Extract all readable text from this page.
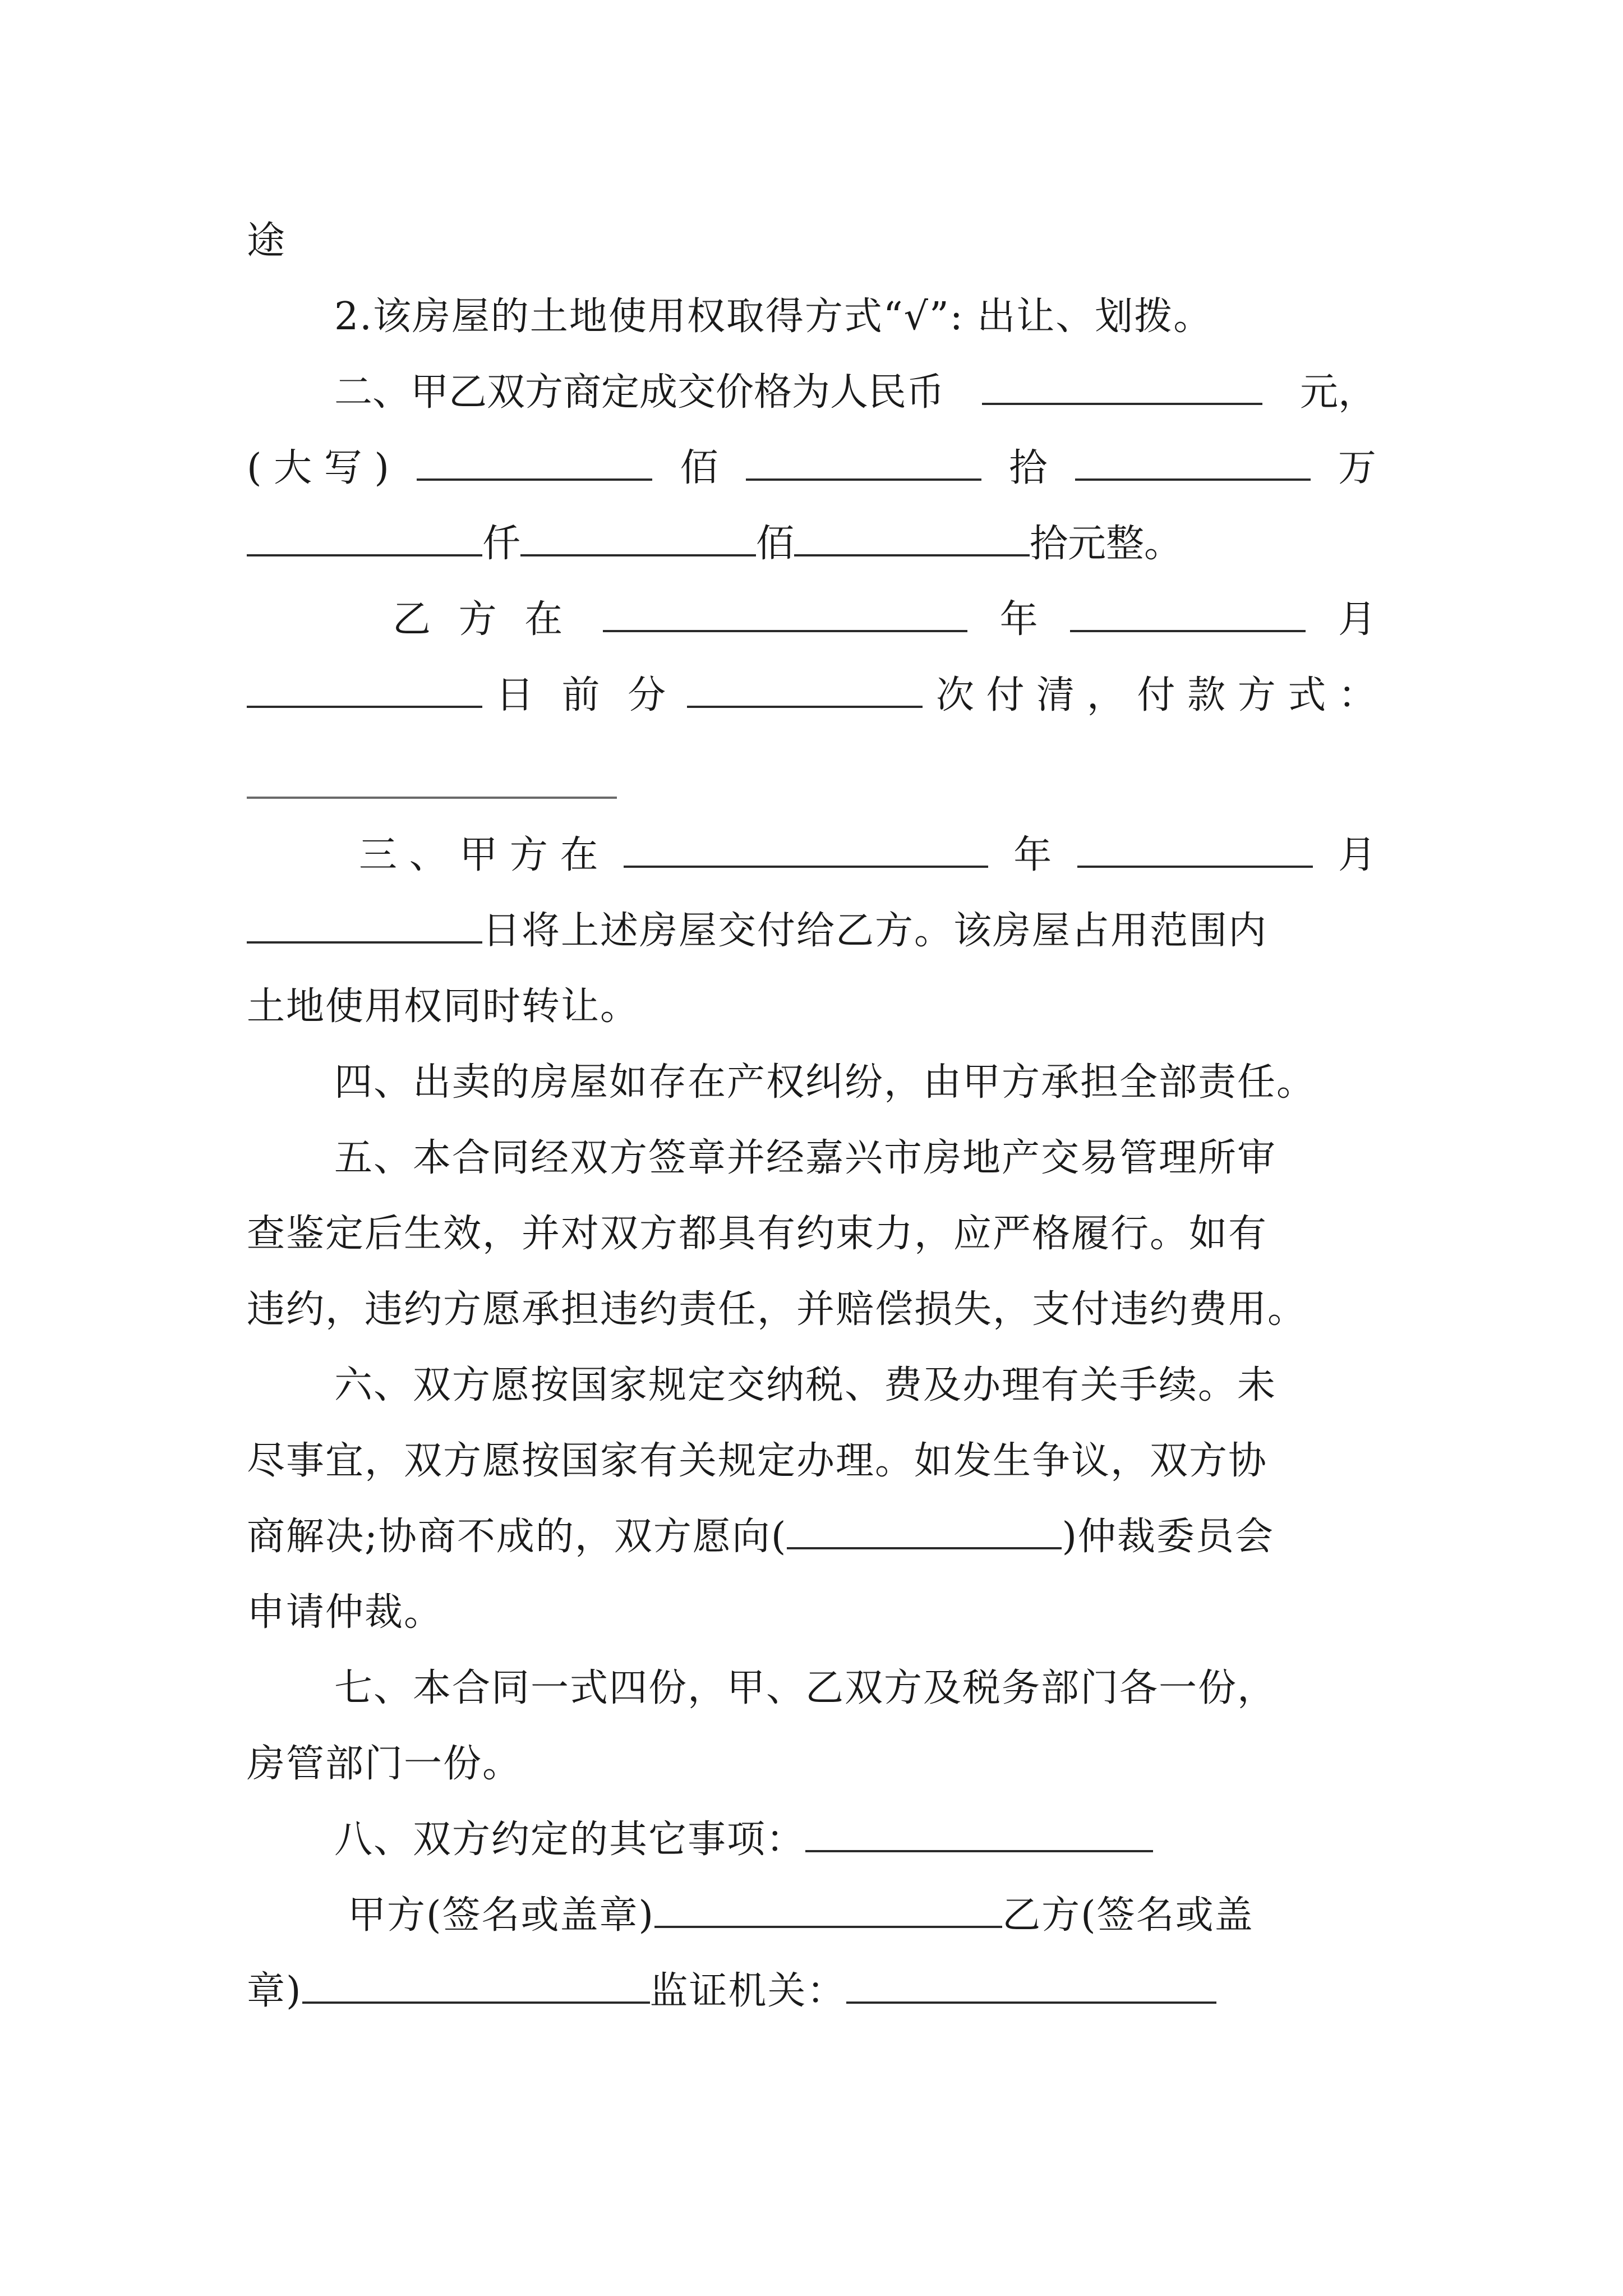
途
2.该房屋的土地使用权取得方式“√”: 出让、划拨。
二、甲乙双方商定成交价格为人民币	元，
( 大 写 )	佰	拾	万
仟	佰	拾元整。
乙 方 在	年	月
日 前 分	次 付 清 ， 付 款 方 式 ：
三 、 甲 方 在	年	月
日将上述房屋交付给乙方。该房屋占用范围内
土地使用权同时转让。
四、出卖的房屋如存在产权纠纷，由甲方承担全部责任。
五、本合同经双方签章并经嘉兴市房地产交易管理所审
查鉴定后生效，并对双方都具有约束力，应严格履行。如有
违约，违约方愿承担违约责任，并赔偿损失，支付违约费用。
六、双方愿按国家规定交纳税、费及办理有关手续。未
尽事宜，双方愿按国家有关规定办理。如发生争议，双方协
商解决;协商不成的，双方愿向(	)仲裁委员会
申请仲裁。
七、本合同一式四份，甲、乙双方及税务部门各一份，
房管部门一份。
八、双方约定的其它事项：
甲方(签名或盖章)	乙方(签名或盖
章)	监证机关：
